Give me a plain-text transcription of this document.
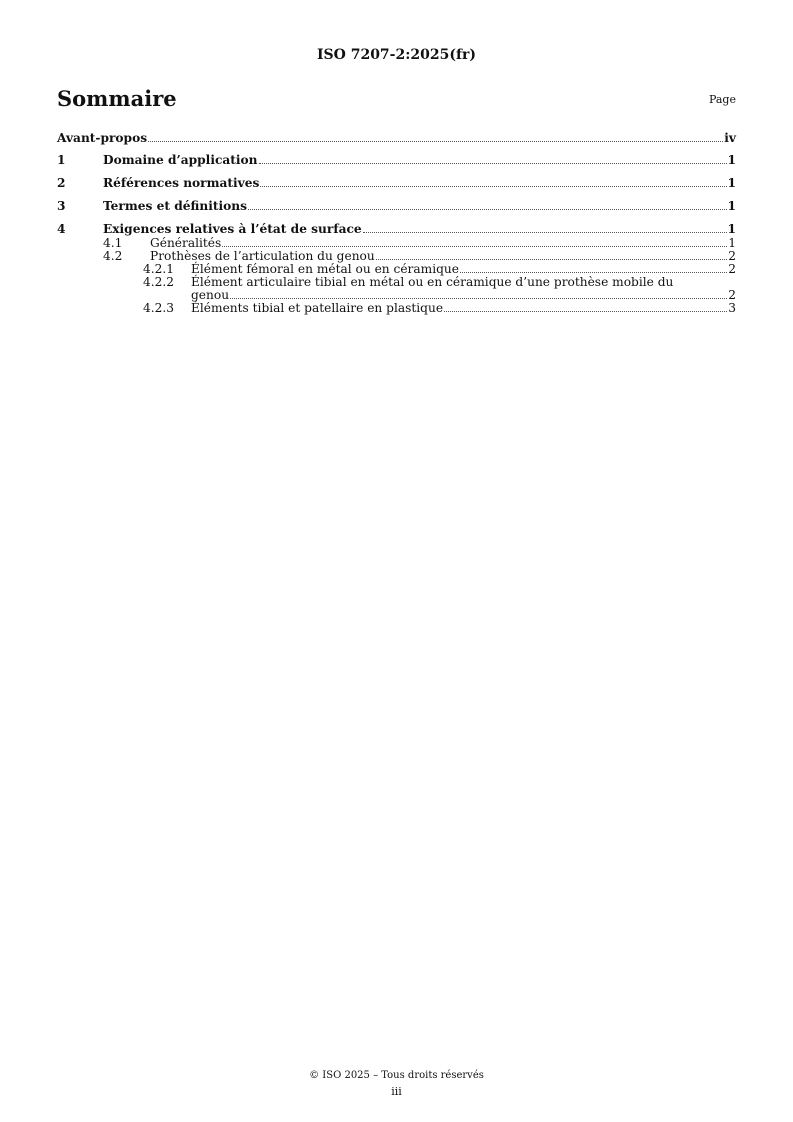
ISO 7207-2:2025(fr)
Sommaire	Page
Avant-propos	iv
1	Domaine d’application	1
2	Références normatives	1
3	Termes et définitions	1
4	Exigences relatives à l’état de surface	1
4.1	Généralités	1
4.2	Prothèses de l’articulation du genou	2
4.2.1	Élément fémoral en métal ou en céramique	2
4.2.2	Élément articulaire tibial en métal ou en céramique d’une prothèse mobile du
genou	2
4.2.3	Éléments tibial et patellaire en plastique	3
© ISO 2025 – Tous droits réservés
iii
